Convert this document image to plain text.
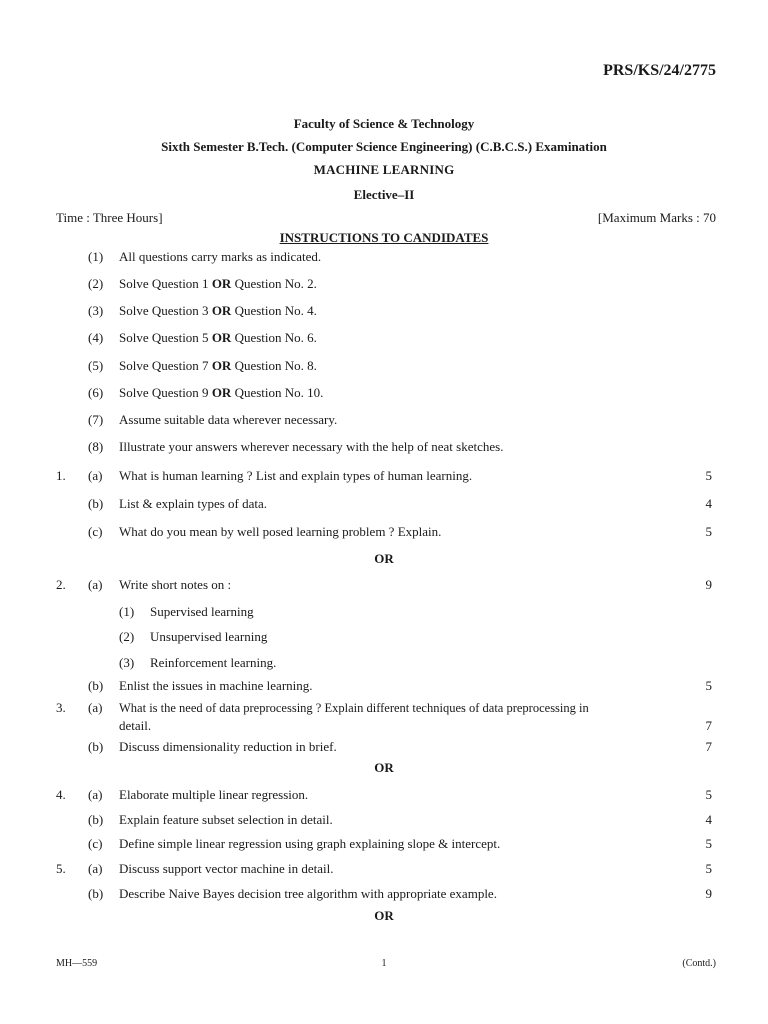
PRS/KS/24/2775
Faculty of Science & Technology
Sixth Semester B.Tech. (Computer Science Engineering) (C.B.C.S.) Examination
MACHINE LEARNING
Elective–II
Time : Three Hours]	[Maximum Marks : 70
INSTRUCTIONS TO CANDIDATES
(1) All questions carry marks as indicated.
(2) Solve Question 1 OR Question No. 2.
(3) Solve Question 3 OR Question No. 4.
(4) Solve Question 5 OR Question No. 6.
(5) Solve Question 7 OR Question No. 8.
(6) Solve Question 9 OR Question No. 10.
(7) Assume suitable data wherever necessary.
(8) Illustrate your answers wherever necessary with the help of neat sketches.
1. (a) What is human learning ? List and explain types of human learning.	5
(b) List & explain types of data.	4
(c) What do you mean by well posed learning problem ? Explain.	5
OR
2. (a) Write short notes on :	9
(1) Supervised learning
(2) Unsupervised learning
(3) Reinforcement learning.
(b) Enlist the issues in machine learning.	5
3. (a) What is the need of data preprocessing ? Explain different techniques of data preprocessing in
detail.	7
(b) Discuss dimensionality reduction in brief.	7
OR
4. (a) Elaborate multiple linear regression.	5
(b) Explain feature subset selection in detail.	4
(c) Define simple linear regression using graph explaining slope & intercept.	5
5. (a) Discuss support vector machine in detail.	5
(b) Describe Naive Bayes decision tree algorithm with appropriate example.	9
OR
MH—559	1	(Contd.)
